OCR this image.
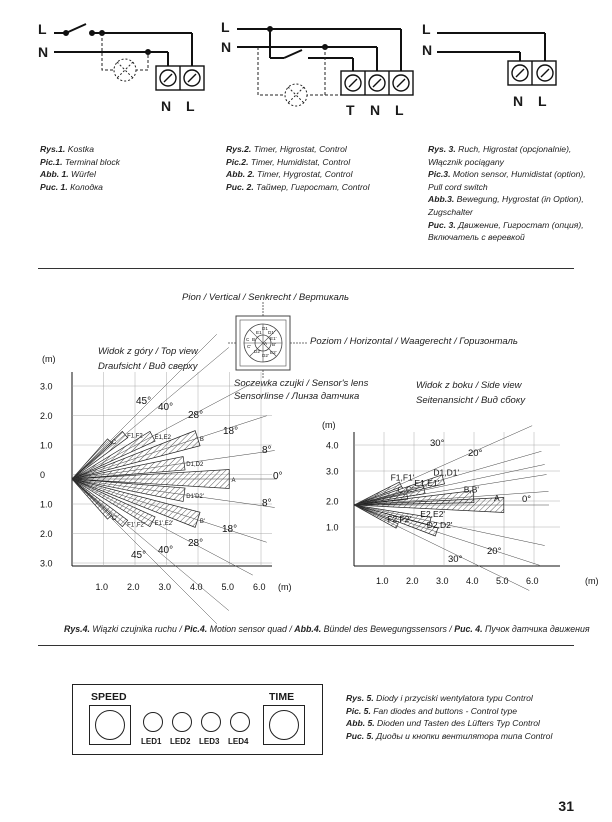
L
N
N L
L
N
T N L
L
N
N L
Rys.1. Kostka
Pic.1. Terminal block
Abb. 1. Würfel
Рис. 1. Колодка
Rys.2. Timer, Higrostat, Control
Pic.2. Timer, Humidistat, Control
Abb. 2. Timer, Hygrostat, Control
Рис. 2. Таймер, Гигростат, Control
Rys. 3. Ruch, Higrostat (opcjonalnie),
Włącznik pociągany
Pic.3. Motion sensor, Humidistat (option),
Pull cord switch
Abb.3. Bewegung, Hygrostat (in Option),
Zugschalter
Рис. 3. Движение, Гигростат (опция),
Включатель с веревкой
Pion / Vertical / Senkrecht / Вертикаль
Poziom / Horizontal / Waagerecht / Горизонталь
Widok z góry / Top view
Draufsicht / Вид сверху
Soczewka czujki / Sensor's lens
Sensorlinse / Линза датчика
Widok z boku / Side view
Seitenansicht / Вид сбоку
E1
D1
D1'
E1'
C B
A B'
C'
D2
D2'
E2'
3.0
2.0
1.0
0
1.0
2.0
3.0
1.0 2.0 3.0 4.0 5.0 6.0
(m)
(m)
A
B
D1,D2
E1,E2
F1,F2
C
D1'D2'
B'
E1',E2'
F1',F2'
C'
45°
40°
28°
18°
8°
0°
8°
18°
28°
40°
45°
4.0
3.0
2.0
1.0
1.0 2.0 3.0 4.0 5.0 6.0
(m)
(m)
A
B,B'
D1,D1'
E1,E1'
F1,F1'
E2,E2'
D2,D2'
F2,F2'
30°
20°
0°
20°
30°
Rys.4. Wiązki czujnika ruchu / Pic.4. Motion sensor quad / Abb.4. Bündel des Bewegungssensors / Рис. 4. Пучок датчика движения
SPEED	TIME
LED1 LED2 LED3 LED4
Rys. 5. Diody i przyciski wentylatora typu Control
Pic. 5. Fan diodes and buttons - Control type
Abb. 5. Dioden und Tasten des Lüfters Typ Control
Рис. 5. Диоды и кнопки вентилятора типа Control
31
